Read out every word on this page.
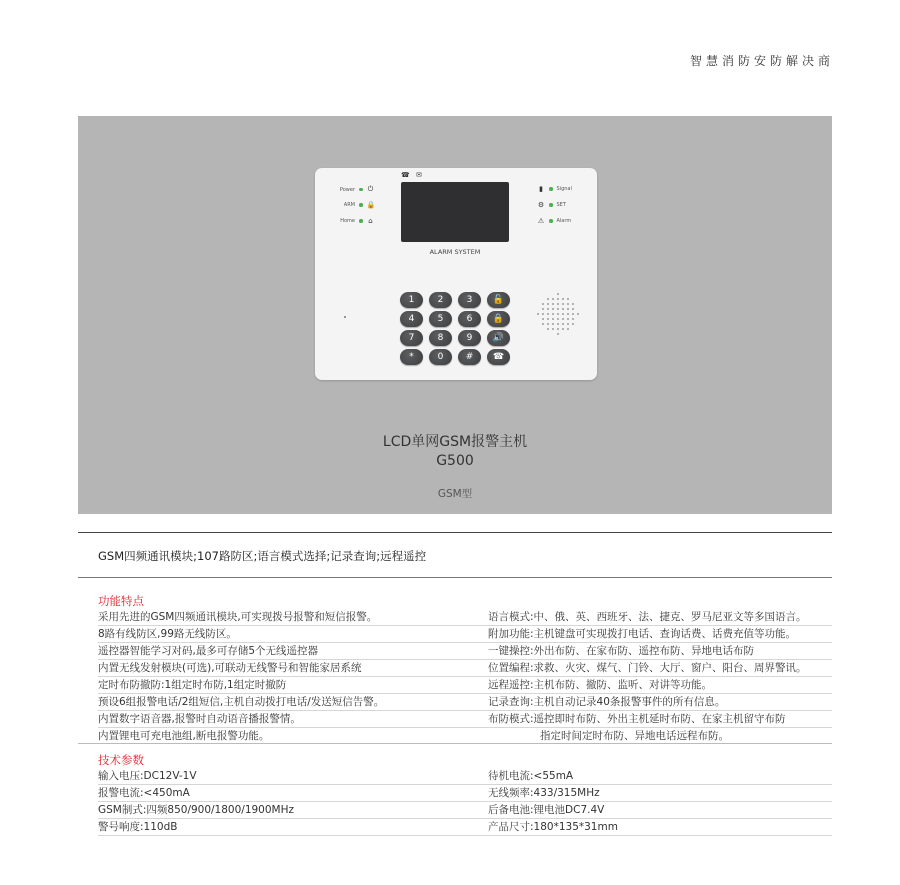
智慧消防安防解决商
☎ ✉
ALARM SYSTEM
Power ⏻
ARM 🔒
Home ⌂
▮	Signal
⚙ SET
⚠ Alarm
1	2	3	🔓
4	5	6	🔒
7	8	9	🔊
*	0	#	☎
LCD单网GSM报警主机
G500
GSM型
GSM四频通讯模块;107路防区;语言模式选择;记录查询;远程遥控
功能特点
采用先进的GSM四频通讯模块,可实现拨号报警和短信报警。	语言模式:中、俄、英、西班牙、法、捷克、罗马尼亚文等多国语言。
8路有线防区,99路无线防区。	附加功能:主机键盘可实现拨打电话、查询话费、话费充值等功能。
遥控器智能学习对码,最多可存储5个无线遥控器	一键操控:外出布防、在家布防、遥控布防、异地电话布防
内置无线发射模块(可选),可联动无线警号和智能家居系统	位置编程:求救、火灾、煤气、门铃、大厅、窗户、阳台、周界警讯。
定时布防撤防:1组定时布防,1组定时撤防	远程遥控:主机布防、撤防、监听、对讲等功能。
预设6组报警电话/2组短信,主机自动拨打电话/发送短信告警。	记录查询:主机自动记录40条报警事件的所有信息。
内置数字语音器,报警时自动语音播报警情。	布防模式:遥控即时布防、外出主机延时布防、在家主机留守布防
内置锂电可充电池组,断电报警功能。	指定时间定时布防、异地电话远程布防。
技术参数
输入电压:DC12V-1V	待机电流:<55mA
报警电流:<450mA	无线频率:433/315MHz
GSM制式:四频850/900/1800/1900MHz	后备电池:锂电池DC7.4V
警号响度:110dB	产品尺寸:180*135*31mm
